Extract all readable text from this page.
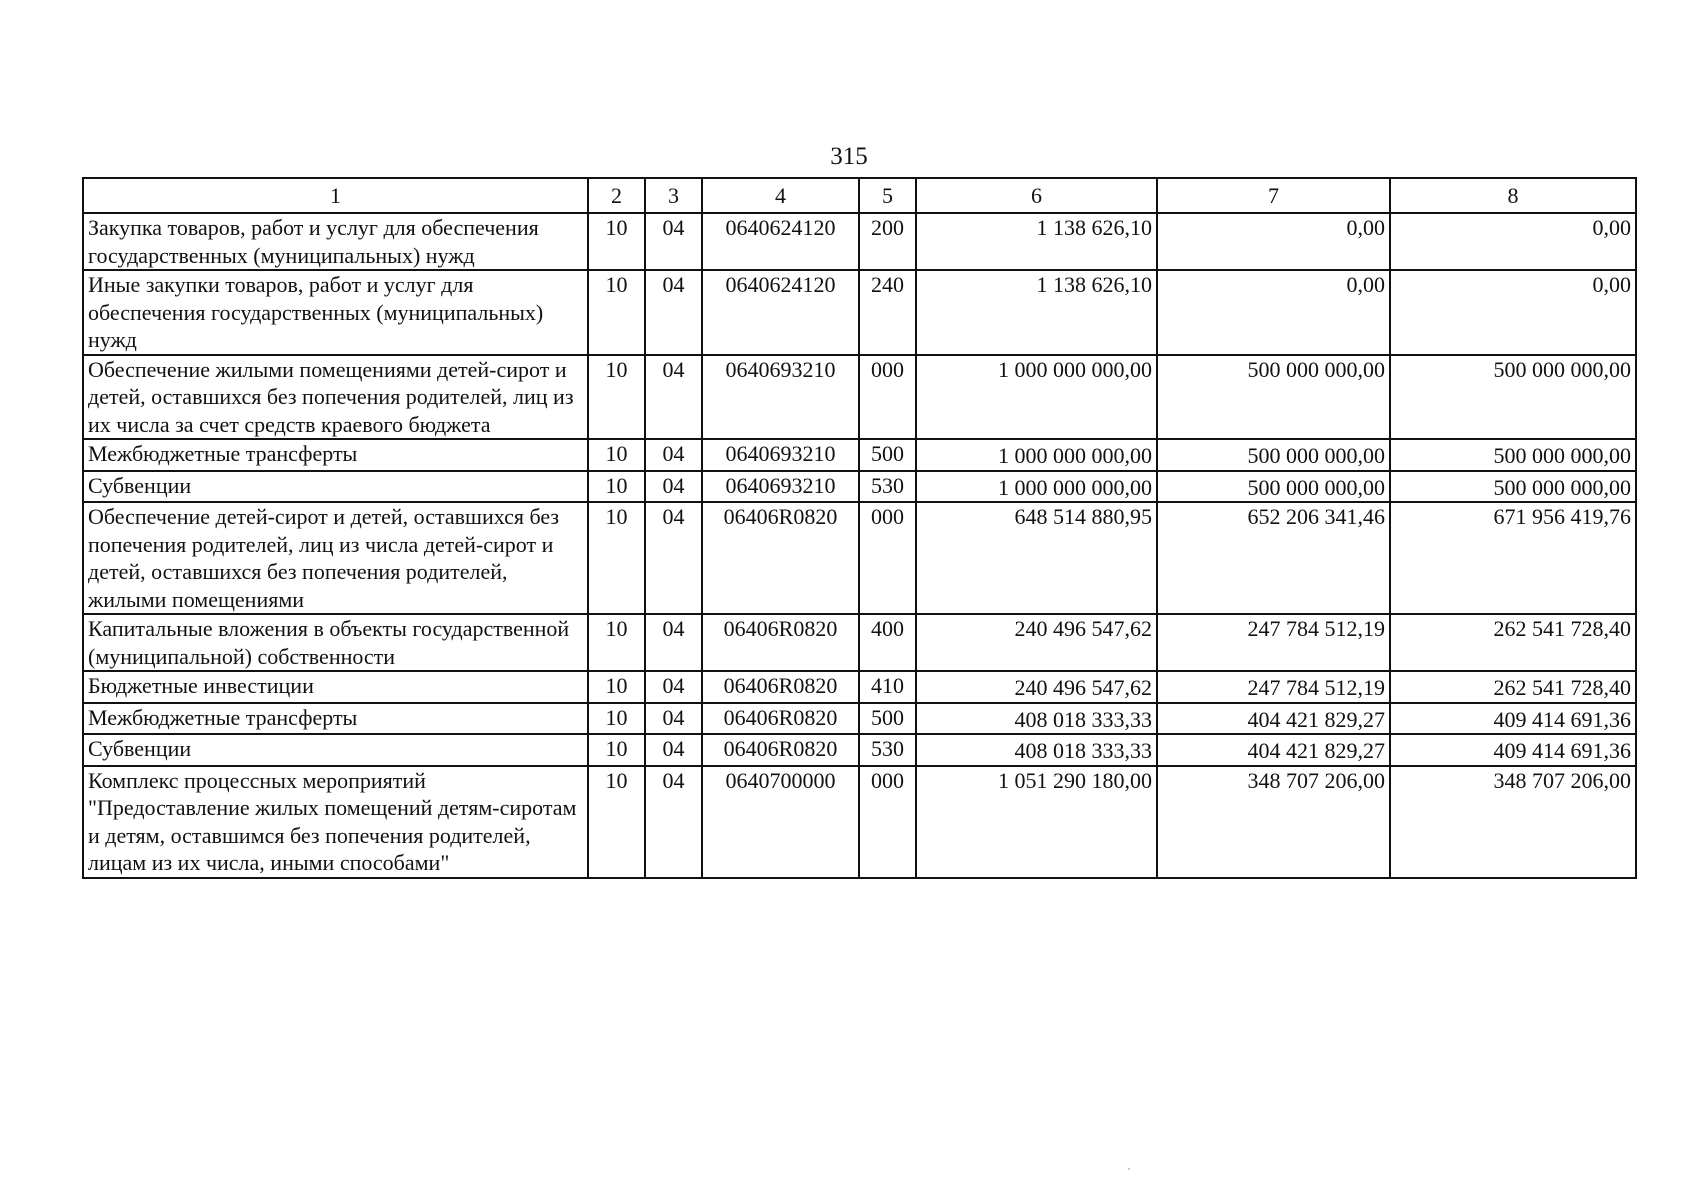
315
1	2	3	4	5	6	7	8
Закупка товаров, работ и услуг для обеспечения государственных (муниципальных) нужд	10	04	0640624120	200	1 138 626,10	0,00	0,00
Иные закупки товаров, работ и услуг для обеспечения государственных (муниципальных) нужд	10	04	0640624120	240	1 138 626,10	0,00	0,00
Обеспечение жилыми помещениями детей-сирот и детей, оставшихся без попечения родителей, лиц из их числа за счет средств краевого бюджета	10	04	0640693210	000	1 000 000 000,00	500 000 000,00	500 000 000,00
Межбюджетные трансферты	10	04	0640693210	500	1 000 000 000,00	500 000 000,00	500 000 000,00
Субвенции	10	04	0640693210	530	1 000 000 000,00	500 000 000,00	500 000 000,00
Обеспечение детей-сирот и детей, оставшихся без попечения родителей, лиц из числа детей-сирот и детей, оставшихся без попечения родителей, жилыми помещениями	10	04	06406R0820	000	648 514 880,95	652 206 341,46	671 956 419,76
Капитальные вложения в объекты государственной (муниципальной) собственности	10	04	06406R0820	400	240 496 547,62	247 784 512,19	262 541 728,40
Бюджетные инвестиции	10	04	06406R0820	410	240 496 547,62	247 784 512,19	262 541 728,40
Межбюджетные трансферты	10	04	06406R0820	500	408 018 333,33	404 421 829,27	409 414 691,36
Субвенции	10	04	06406R0820	530	408 018 333,33	404 421 829,27	409 414 691,36
Комплекс процессных мероприятий "Предоставление жилых помещений детям-сиротам и детям, оставшимся без попечения родителей, лицам из их числа, иными способами"	10	04	0640700000	000	1 051 290 180,00	348 707 206,00	348 707 206,00
